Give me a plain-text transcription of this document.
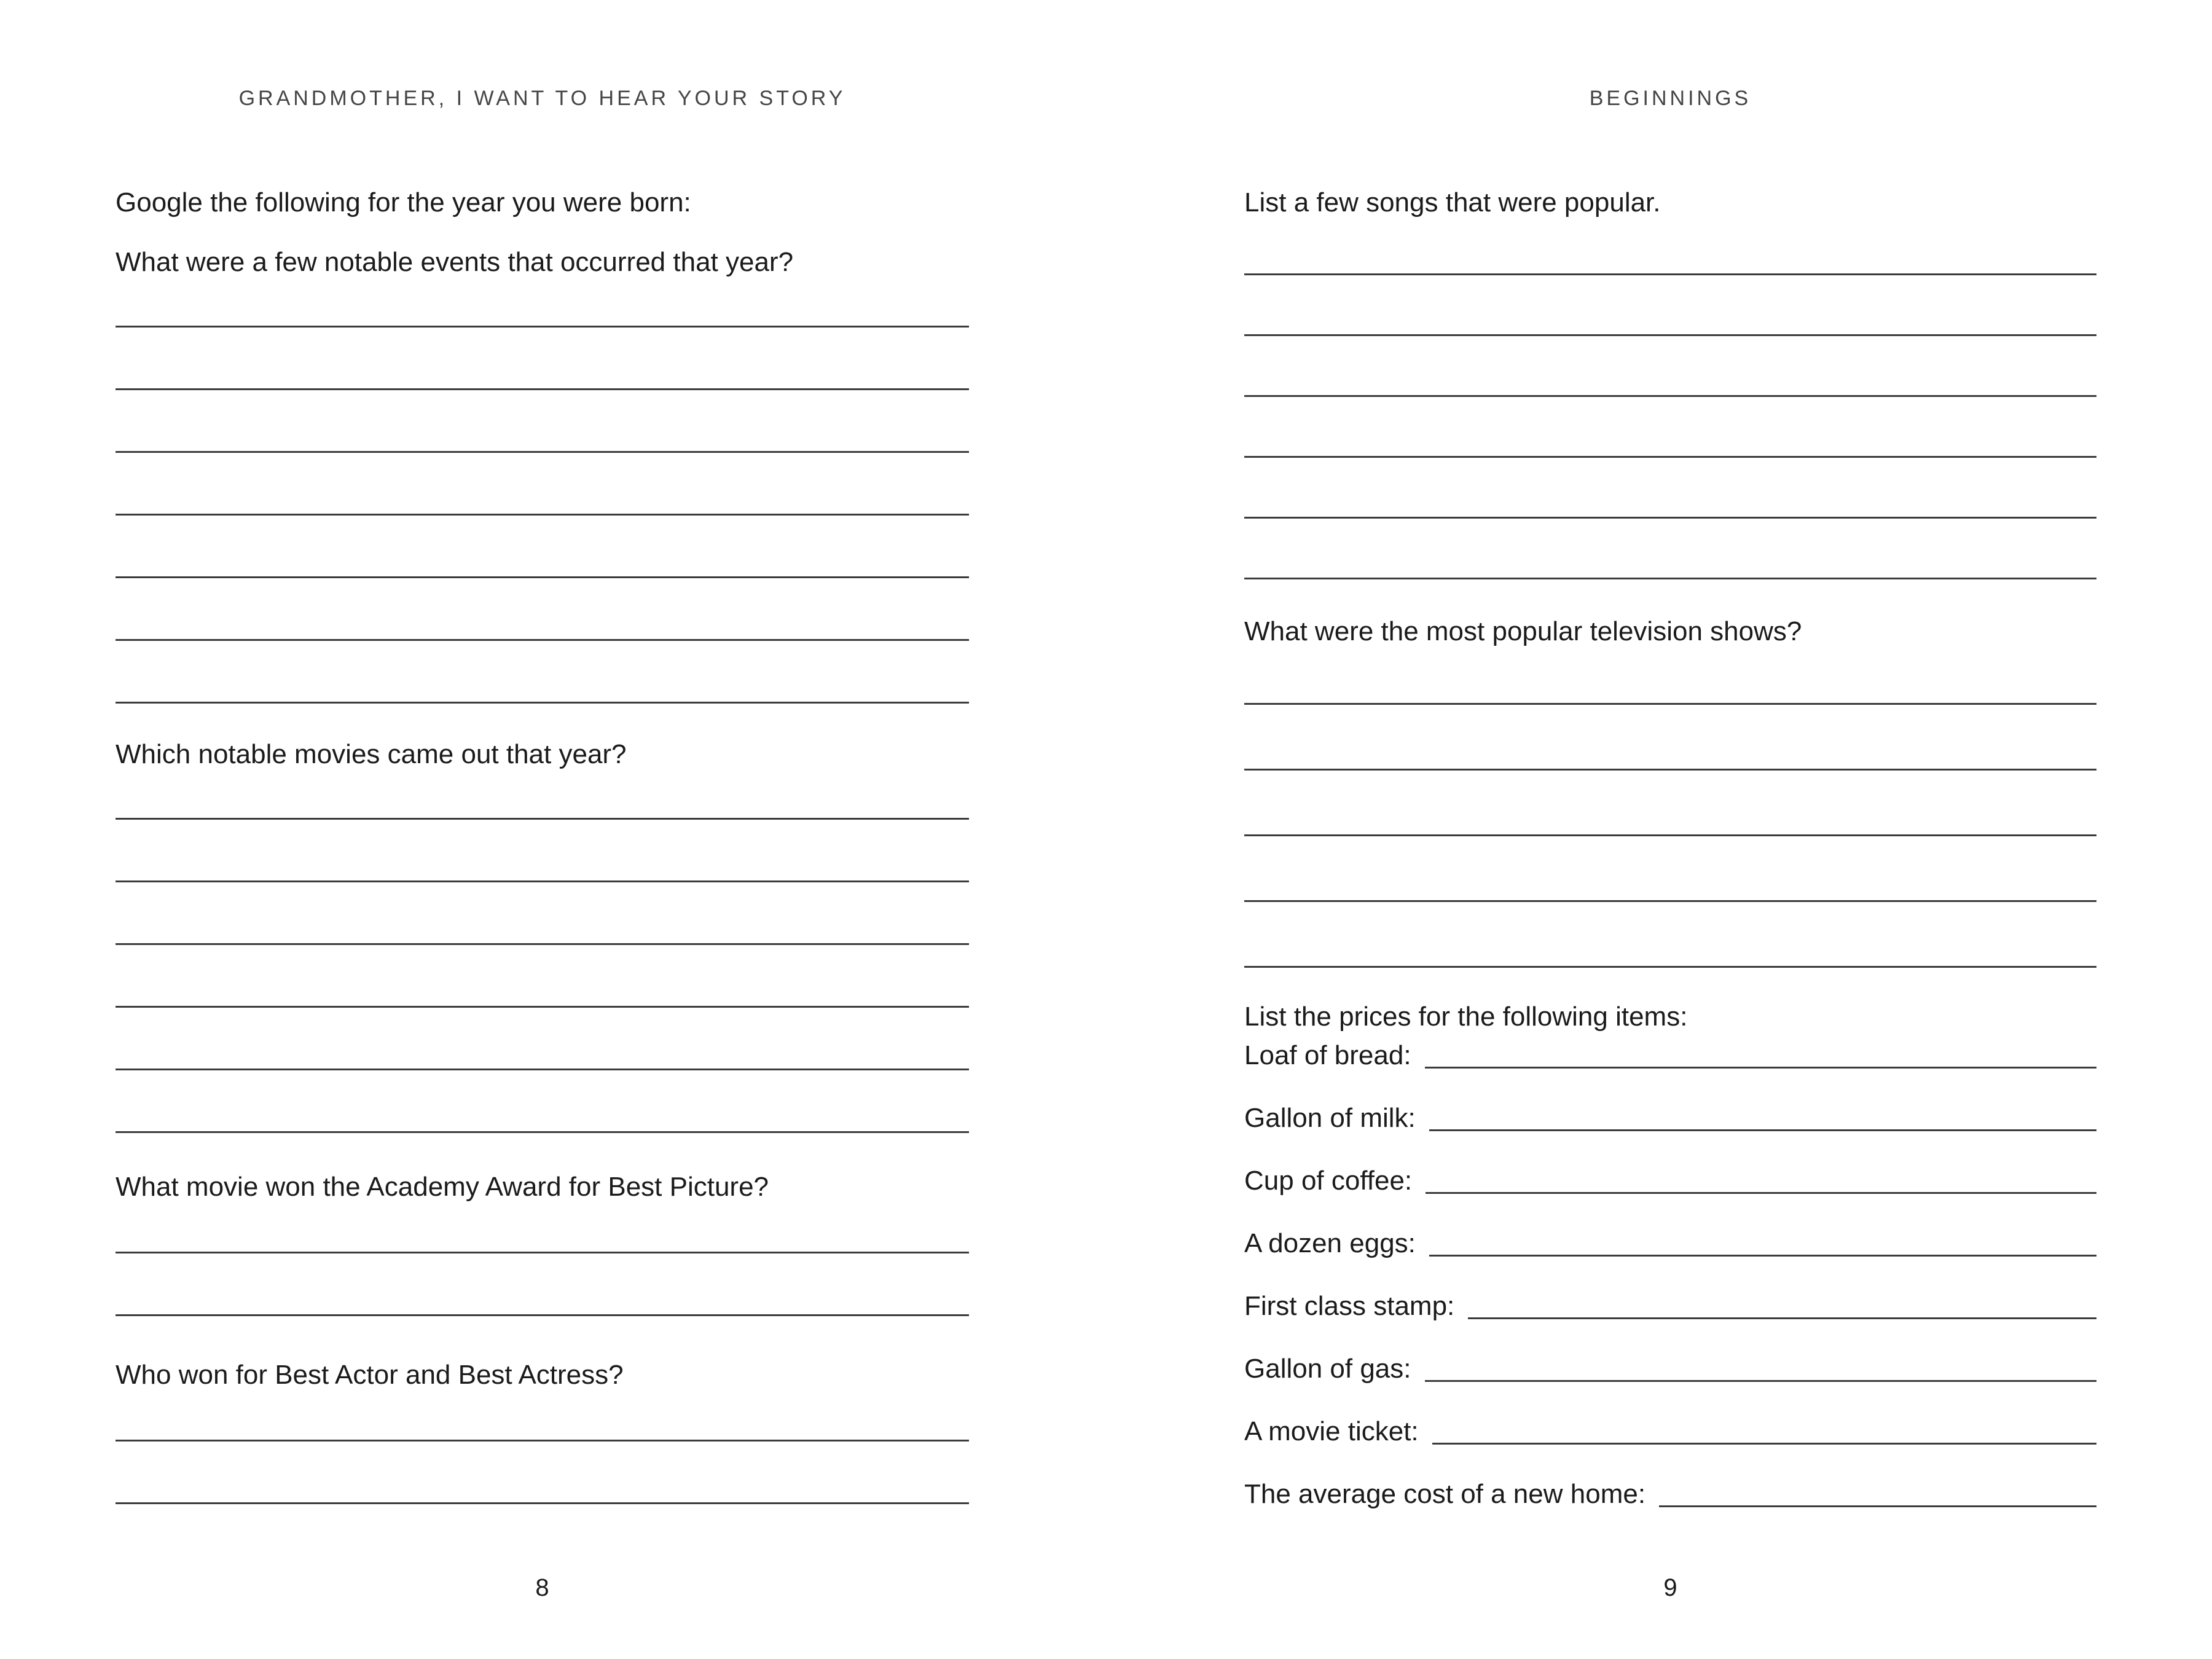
GRANDMOTHER, I WANT TO HEAR YOUR STORY
Google the following for the year you were born:
What were a few notable events that occurred that year?
Which notable movies came out that year?
What movie won the Academy Award for Best Picture?
Who won for Best Actor and Best Actress?
8
BEGINNINGS
List a few songs that were popular.
What were the most popular television shows?
List the prices for the following items:
Loaf of bread:
Gallon of milk:
Cup of coffee:
A dozen eggs:
First class stamp:
Gallon of gas:
A movie ticket:
The average cost of a new home:
9
